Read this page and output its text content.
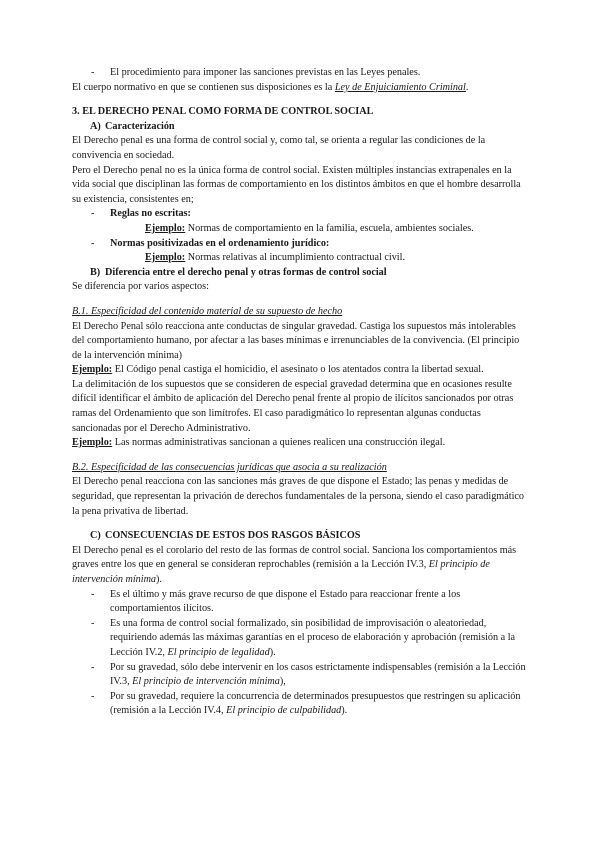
-	El procedimiento para imponer las sanciones previstas en las Leyes penales.

El cuerpo normativo en que se contienen sus disposiciones es la Ley de Enjuiciamiento Criminal.

3. EL DERECHO PENAL COMO FORMA DE CONTROL SOCIAL

A) Caracterización

El Derecho penal es una forma de control social y, como tal, se orienta a regular las condiciones de la convivencia en sociedad.

Pero el Derecho penal no es la única forma de control social. Existen múltiples instancias extrapenales en la vida social que disciplinan las formas de comportamiento en los distintos ámbitos en que el hombre desarrolla su existencia, consistentes en;

-	Reglas no escritas:

Ejemplo: Normas de comportamiento en la familia, escuela, ambientes sociales.

-	Normas positivizadas en el ordenamiento jurídico:

Ejemplo: Normas relativas al incumplimiento contractual civil.

B) Diferencia entre el derecho penal y otras formas de control social

Se diferencia por varios aspectos:

B.1. Especificidad del contenido material de su supuesto de hecho

El Derecho Penal sólo reacciona ante conductas de singular gravedad. Castiga los supuestos más intolerables del comportamiento humano, por afectar a las bases mínimas e irrenunciables de la convivencia. (El principio de la intervención mínima)

Ejemplo: El Código penal castiga el homicidio, el asesinato o los atentados contra la libertad sexual.

La delimitación de los supuestos que se consideren de especial gravedad determina que en ocasiones resulte difícil identificar el ámbito de aplicación del Derecho penal frente al propio de ilícitos sancionados por otras ramas del Ordenamiento que son limítrofes. El caso paradigmático lo representan algunas conductas sancionadas por el Derecho Administrativo.

Ejemplo: Las normas administrativas sancionan a quienes realicen una construcción ilegal.

B.2. Especificidad de las consecuencias jurídicas que asocia a su realización

El Derecho penal reacciona con las sanciones más graves de que dispone el Estado; las penas y medidas de seguridad, que representan la privación de derechos fundamentales de la persona, siendo el caso paradigmático

la pena privativa de libertad.

C) CONSECUENCIAS DE ESTOS DOS RASGOS BÁSICOS

El Derecho penal es el corolario del resto de las formas de control social. Sanciona los comportamientos más graves entre los que en general se consideran reprochables (remisión a la Lección IV.3, El principio de intervención mínima).

-	Es el último y más grave recurso de que dispone el Estado para reaccionar frente a los comportamientos ilícitos.
-	Es una forma de control social formalizado, sin posibilidad de improvisación o aleatoriedad, requiriendo además las máximas garantías en el proceso de elaboración y aprobación (remisión a la Lección IV.2, El principio de legalidad).
-	Por su gravedad, sólo debe intervenir en los casos estrictamente indispensables (remisión a la Lección IV.3, El principio de intervención mínima),
-	Por su gravedad, requiere la concurrencia de determinados presupuestos que restringen su aplicación (remisión a la Lección IV.4, El principio de culpabilidad).
